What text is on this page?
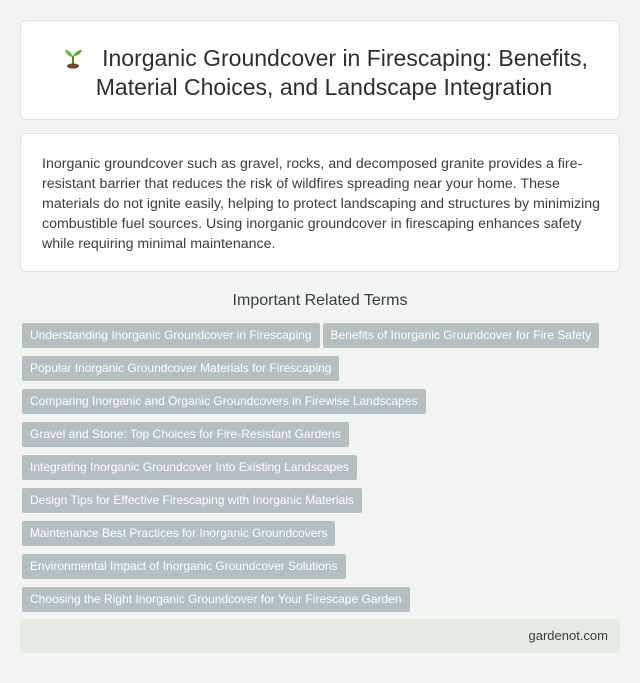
Inorganic Groundcover in Firescaping: Benefits, Material Choices, and Landscape Integration

Inorganic groundcover such as gravel, rocks, and decomposed granite provides a fire-resistant barrier that reduces the risk of wildfires spreading near your home. These materials do not ignite easily, helping to protect landscaping and structures by minimizing combustible fuel sources. Using inorganic groundcover in firescaping enhances safety while requiring minimal maintenance.

Important Related Terms
Understanding Inorganic Groundcover in Firescaping Benefits of Inorganic Groundcover for Fire Safety
Popular Inorganic Groundcover Materials for Firescaping
Comparing Inorganic and Organic Groundcovers in Firewise Landscapes
Gravel and Stone: Top Choices for Fire-Resistant Gardens
Integrating Inorganic Groundcover Into Existing Landscapes
Design Tips for Effective Firescaping with Inorganic Materials
Maintenance Best Practices for Inorganic Groundcovers
Environmental Impact of Inorganic Groundcover Solutions
Choosing the Right Inorganic Groundcover for Your Firescape Garden
gardenot.com
